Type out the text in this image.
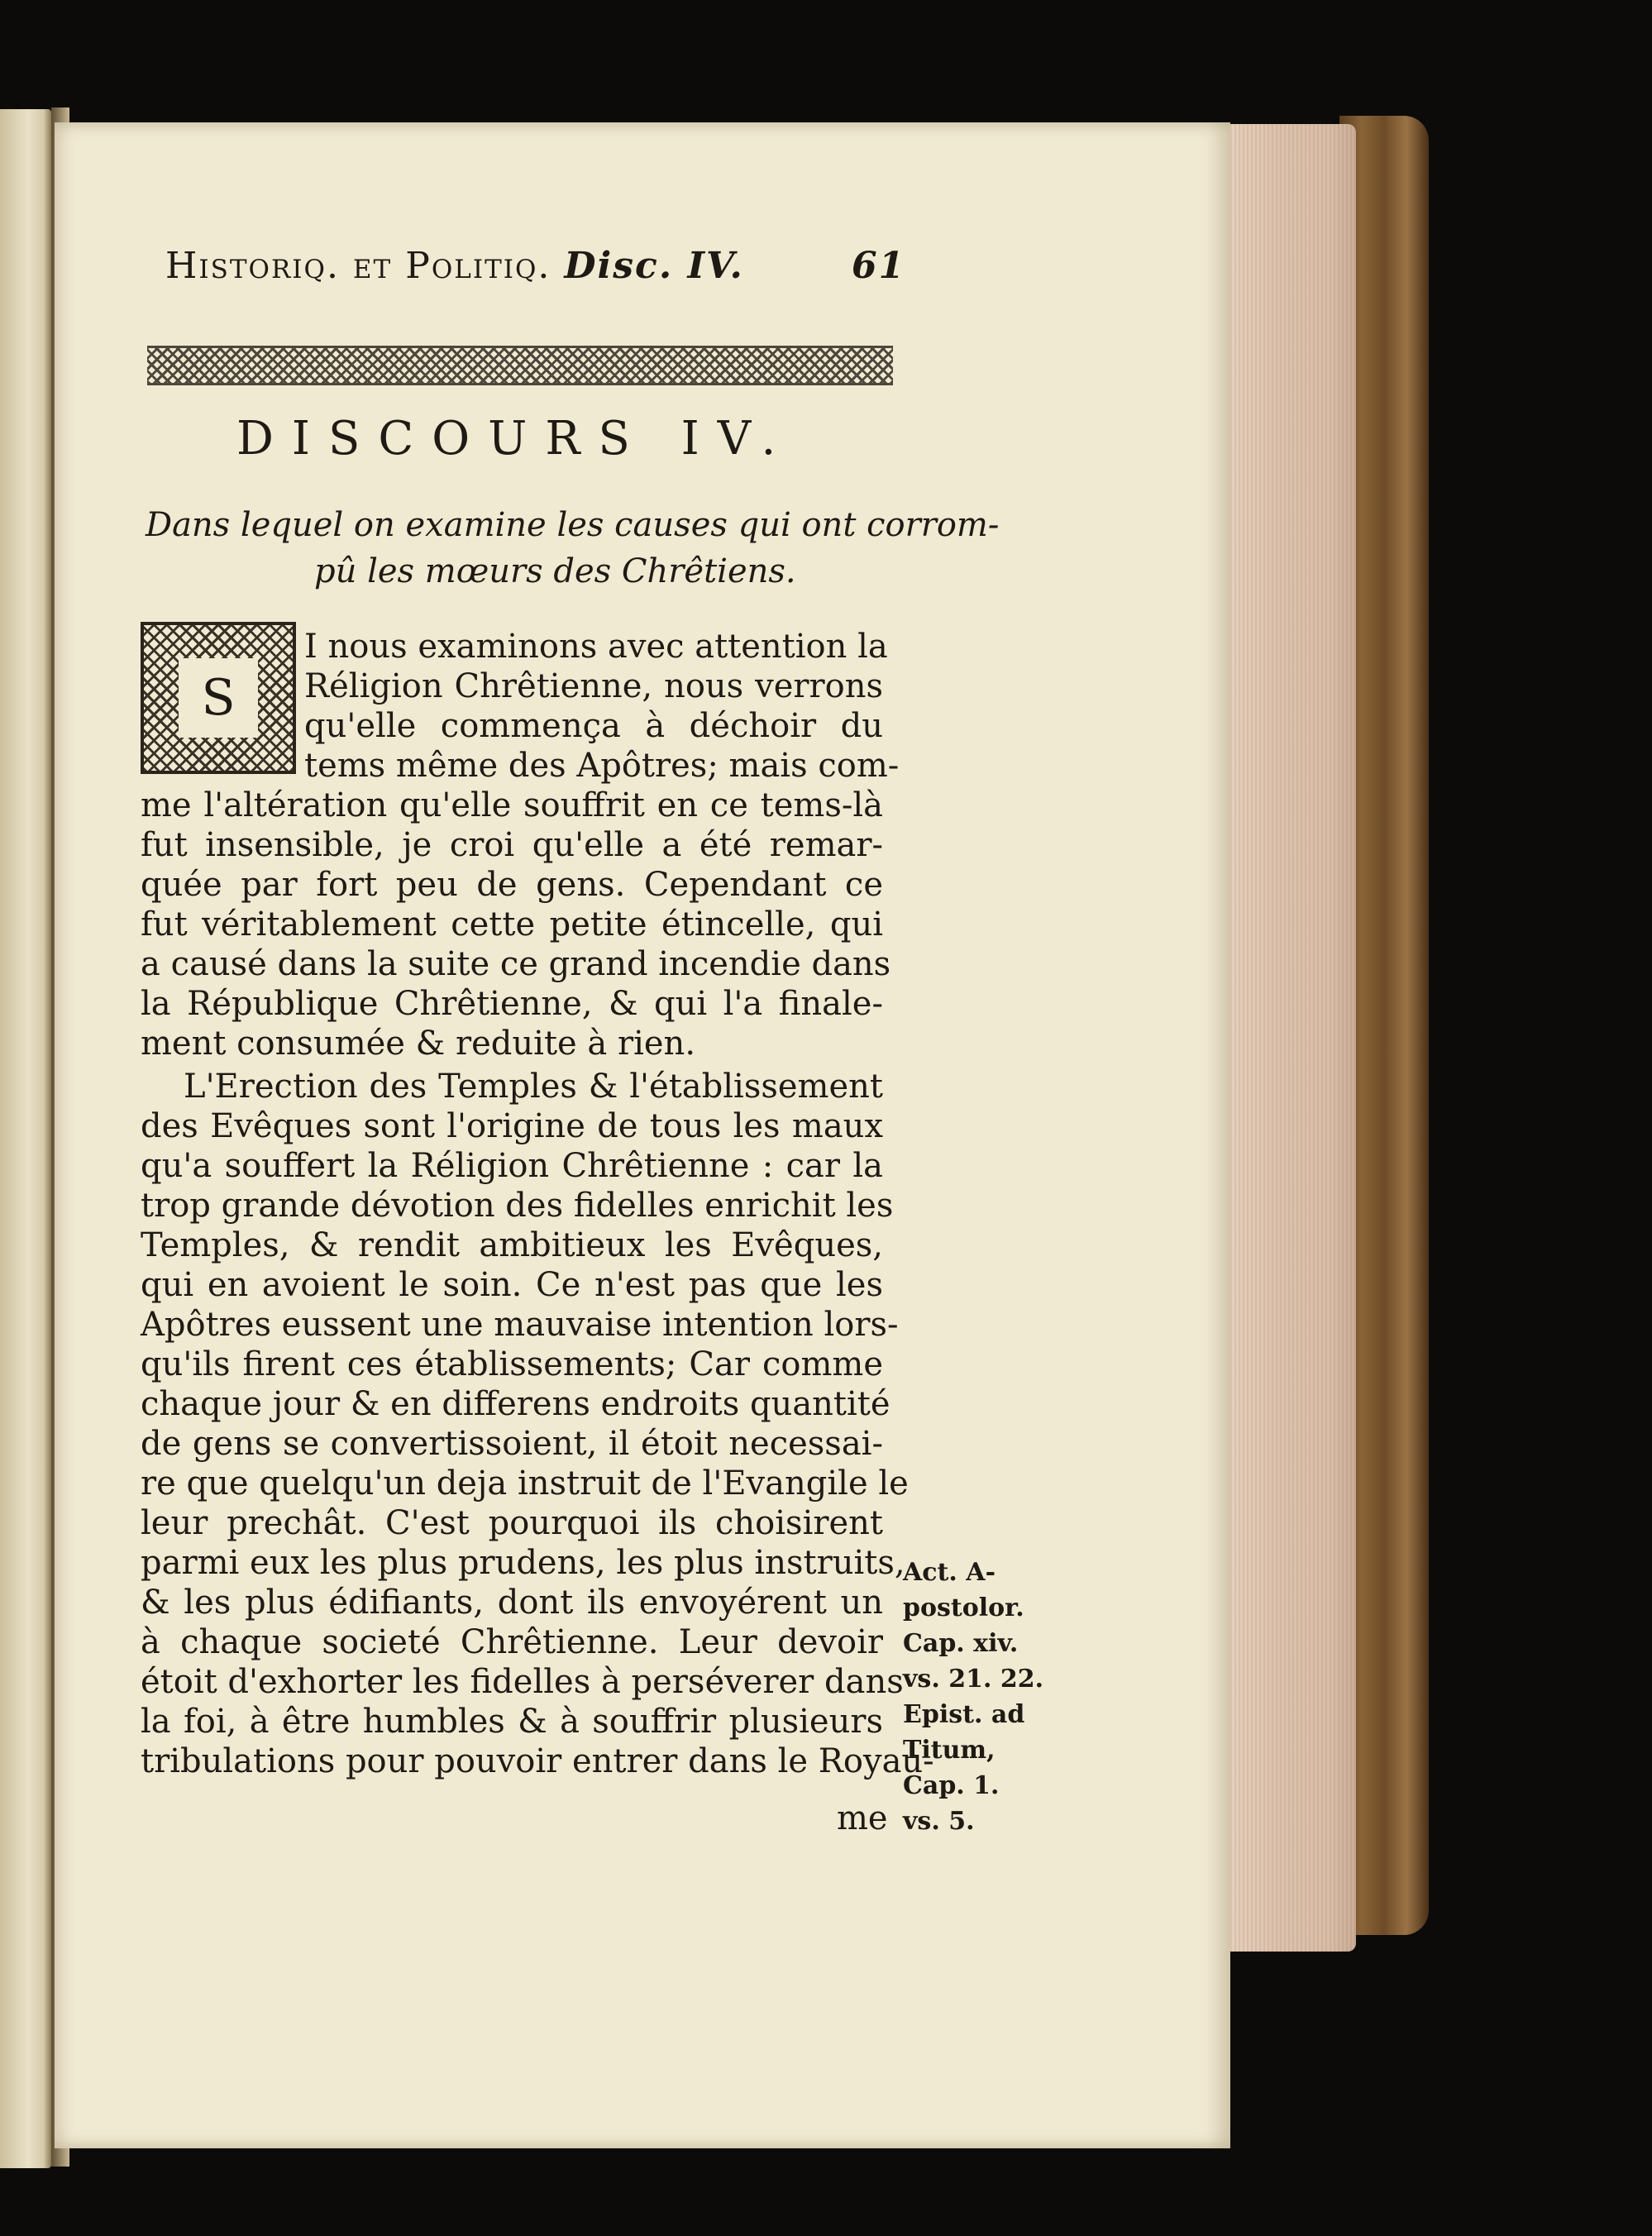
Historiq. et Politiq. Disc. IV.	61
DISCOURS IV.
Dans lequel on examine les causes qui ont corrom-
pû les mœurs des Chrêtiens.
S
I nous examinons avec attention la
Réligion Chrêtienne, nous verrons
qu'elle commença à déchoir du
tems même des Apôtres; mais com-
me l'altération qu'elle souffrit en ce tems-là
fut insensible, je croi qu'elle a été remar-
quée par fort peu de gens. Cependant ce
fut véritablement cette petite étincelle, qui
a causé dans la suite ce grand incendie dans
la République Chrêtienne, & qui l'a finale-
ment consumée & reduite à rien.
L'Erection des Temples & l'établissement
des Evêques sont l'origine de tous les maux
qu'a souffert la Réligion Chrêtienne : car la
trop grande dévotion des fidelles enrichit les
Temples, & rendit ambitieux les Evêques,
qui en avoient le soin. Ce n'est pas que les
Apôtres eussent une mauvaise intention lors-
qu'ils firent ces établissements; Car comme
chaque jour & en differens endroits quantité
de gens se convertissoient, il étoit necessai-
re que quelqu'un deja instruit de l'Evangile le
leur prechât. C'est pourquoi ils choisirent
parmi eux les plus prudens, les plus instruits,
& les plus édifiants, dont ils envoyérent un
à chaque societé Chrêtienne. Leur devoir
étoit d'exhorter les fidelles à perséverer dans
la foi, à être humbles & à souffrir plusieurs
tribulations pour pouvoir entrer dans le Royau-
me
Act. A-
postolor.
Cap. xiv.
vs. 21. 22.
Epist. ad
Titum,
Cap. 1.
vs. 5.
